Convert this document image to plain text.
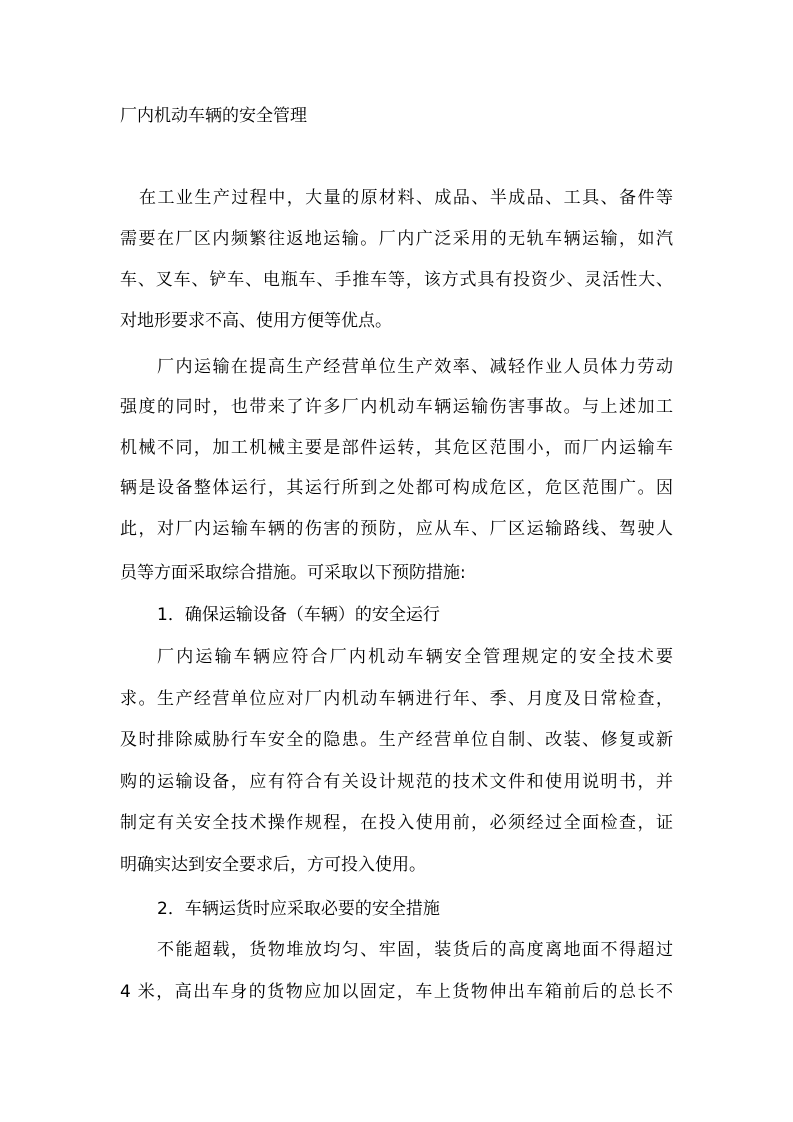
厂内机动车辆的安全管理
在工业生产过程中，大量的原材料、成品、半成品、工具、备件等
需要在厂区内频繁往返地运输。厂内广泛采用的无轨车辆运输，如汽
车、叉车、铲车、电瓶车、手推车等，该方式具有投资少、灵活性大、
对地形要求不高、使用方便等优点。
厂内运输在提高生产经营单位生产效率、减轻作业人员体力劳动
强度的同时，也带来了许多厂内机动车辆运输伤害事故。与上述加工
机械不同，加工机械主要是部件运转，其危区范围小，而厂内运输车
辆是设备整体运行，其运行所到之处都可构成危区，危区范围广。因
此，对厂内运输车辆的伤害的预防，应从车、厂区运输路线、驾驶人
员等方面采取综合措施。可采取以下预防措施:
1．确保运输设备（车辆）的安全运行
厂内运输车辆应符合厂内机动车辆安全管理规定的安全技术要
求。生产经营单位应对厂内机动车辆进行年、季、月度及日常检查，
及时排除威胁行车安全的隐患。生产经营单位自制、改装、修复或新
购的运输设备，应有符合有关设计规范的技术文件和使用说明书，并
制定有关安全技术操作规程，在投入使用前，必须经过全面检查，证
明确实达到安全要求后，方可投入使用。
2．车辆运货时应采取必要的安全措施
不能超载，货物堆放均匀、牢固，装货后的高度离地面不得超过
4 米，高出车身的货物应加以固定，车上货物伸出车箱前后的总长不
